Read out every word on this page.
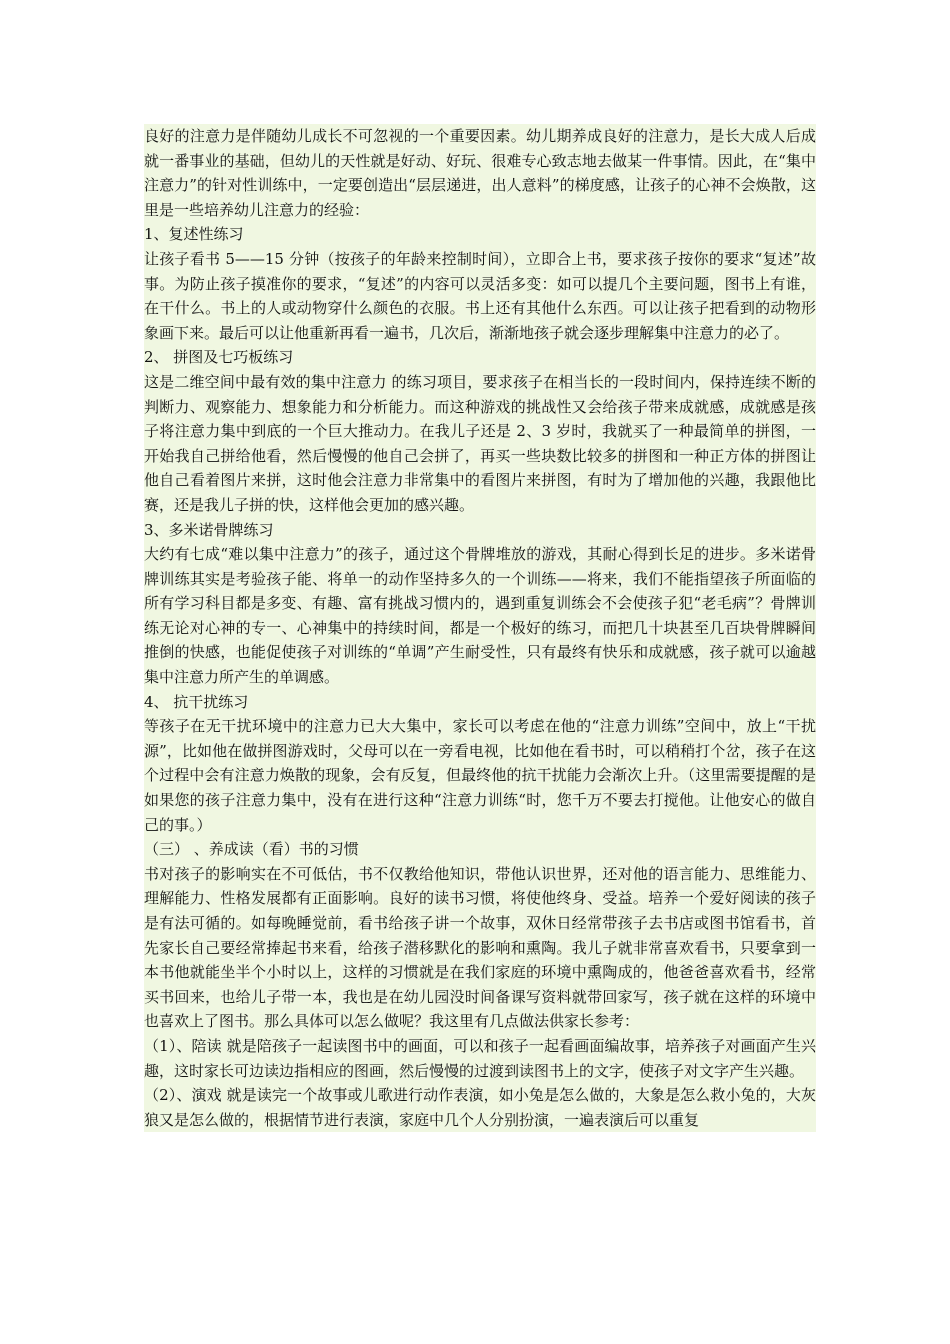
良好的注意力是伴随幼儿成长不可忽视的一个重要因素。幼儿期养成良好的注意力，是长大成人后成就一番事业的基础，但幼儿的天性就是好动、好玩、很难专心致志地去做某一件事情。因此，在“集中注意力”的针对性训练中，一定要创造出“层层递进，出人意料”的梯度感，让孩子的心神不会焕散，这里是一些培养幼儿注意力的经验：

1、复述性练习

让孩子看书 5——15 分钟（按孩子的年龄来控制时间），立即合上书，要求孩子按你的要求“复述”故事。为防止孩子摸准你的要求，“复述”的内容可以灵活多变：如可以提几个主要问题，图书上有谁，在干什么。书上的人或动物穿什么颜色的衣服。书上还有其他什么东西。可以让孩子把看到的动物形象画下来。最后可以让他重新再看一遍书，几次后，渐渐地孩子就会逐步理解集中注意力的必了。

2、 拼图及七巧板练习

这是二维空间中最有效的集中注意力 的练习项目，要求孩子在相当长的一段时间内，保持连续不断的判断力、观察能力、想象能力和分析能力。而这种游戏的挑战性又会给孩子带来成就感，成就感是孩子将注意力集中到底的一个巨大推动力。在我儿子还是 2、3 岁时，我就买了一种最简单的拼图，一开始我自己拼给他看，然后慢慢的他自己会拼了，再买一些块数比较多的拼图和一种正方体的拼图让他自己看着图片来拼，这时他会注意力非常集中的看图片来拼图，有时为了增加他的兴趣，我跟他比赛，还是我儿子拼的快，这样他会更加的感兴趣。

3、多米诺骨牌练习

大约有七成“难以集中注意力”的孩子，通过这个骨牌堆放的游戏，其耐心得到长足的进步。多米诺骨牌训练其实是考验孩子能、将单一的动作坚持多久的一个训练——将来，我们不能指望孩子所面临的所有学习科目都是多变、有趣、富有挑战习惯内的，遇到重复训练会不会使孩子犯“老毛病”？骨牌训练无论对心神的专一、心神集中的持续时间，都是一个极好的练习，而把几十块甚至几百块骨牌瞬间推倒的快感，也能促使孩子对训练的“单调”产生耐受性，只有最终有快乐和成就感，孩子就可以逾越集中注意力所产生的单调感。

4、 抗干扰练习

等孩子在无干扰环境中的注意力已大大集中，家长可以考虑在他的“注意力训练”空间中，放上“干扰源”，比如他在做拼图游戏时，父母可以在一旁看电视，比如他在看书时，可以稍稍打个岔，孩子在这个过程中会有注意力焕散的现象，会有反复，但最终他的抗干扰能力会渐次上升。（这里需要提醒的是如果您的孩子注意力集中，没有在进行这种“注意力训练“时，您千万不要去打搅他。让他安心的做自己的事。）

（三） 、养成读（看）书的习惯

书对孩子的影响实在不可低估，书不仅教给他知识，带他认识世界，还对他的语言能力、思维能力、理解能力、性格发展都有正面影响。良好的读书习惯，将使他终身、受益。培养一个爱好阅读的孩子是有法可循的。如每晚睡觉前，看书给孩子讲一个故事，双休日经常带孩子去书店或图书馆看书，首先家长自己要经常捧起书来看，给孩子潜移默化的影响和熏陶。我儿子就非常喜欢看书，只要拿到一本书他就能坐半个小时以上，这样的习惯就是在我们家庭的环境中熏陶成的，他爸爸喜欢看书，经常买书回来，也给儿子带一本，我也是在幼儿园没时间备课写资料就带回家写，孩子就在这样的环境中也喜欢上了图书。那么具体可以怎么做呢？我这里有几点做法供家长参考：

（1）、陪读 就是陪孩子一起读图书中的画面，可以和孩子一起看画面编故事，培养孩子对画面产生兴趣，这时家长可边读边指相应的图画，然后慢慢的过渡到读图书上的文字，使孩子对文字产生兴趣。

（2）、演戏 就是读完一个故事或儿歌进行动作表演，如小兔是怎么做的，大象是怎么救小兔的，大灰狼又是怎么做的，根据情节进行表演，家庭中几个人分别扮演，一遍表演后可以重复
